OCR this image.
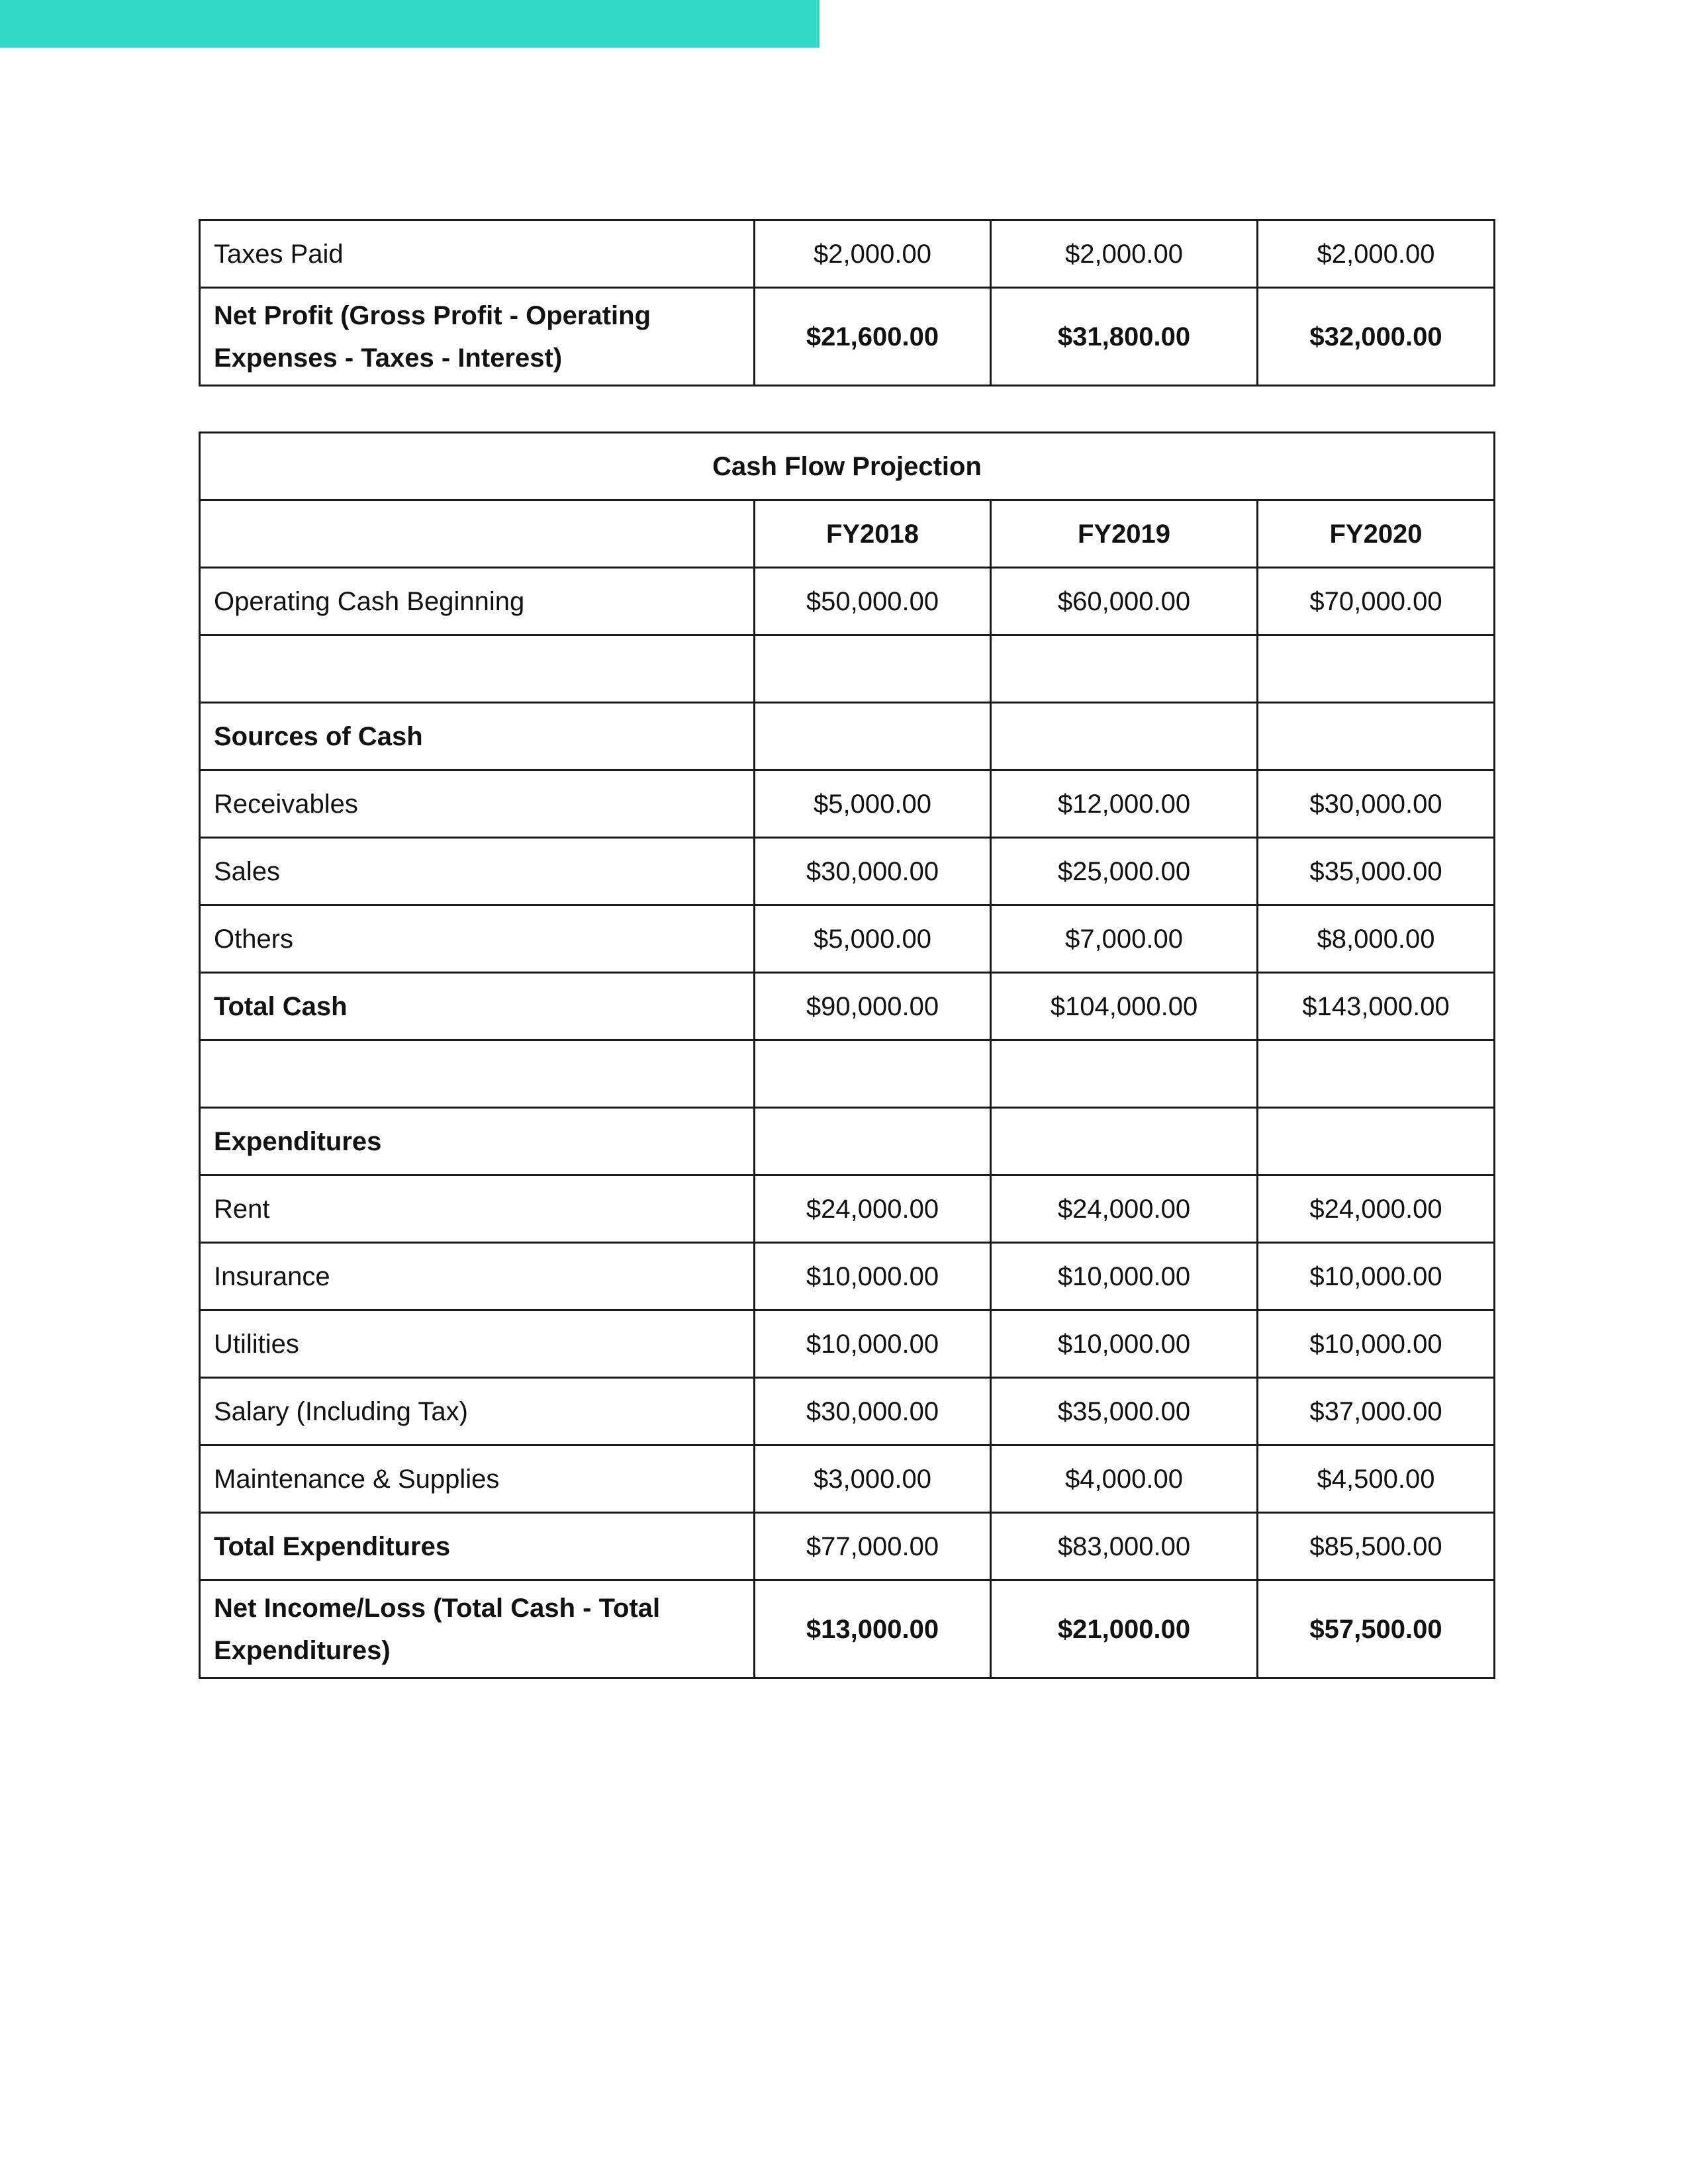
Taxes Paid	$2,000.00	$2,000.00	$2,000.00
Net Profit (Gross Profit - Operating Expenses - Taxes - Interest)	$21,600.00	$31,800.00	$32,000.00
Cash Flow Projection			
	FY2018	FY2019	FY2020
Operating Cash Beginning	$50,000.00	$60,000.00	$70,000.00

Sources of Cash			
Receivables	$5,000.00	$12,000.00	$30,000.00
Sales	$30,000.00	$25,000.00	$35,000.00
Others	$5,000.00	$7,000.00	$8,000.00
Total Cash	$90,000.00	$104,000.00	$143,000.00

Expenditures			
Rent	$24,000.00	$24,000.00	$24,000.00
Insurance	$10,000.00	$10,000.00	$10,000.00
Utilities	$10,000.00	$10,000.00	$10,000.00
Salary (Including Tax)	$30,000.00	$35,000.00	$37,000.00
Maintenance & Supplies	$3,000.00	$4,000.00	$4,500.00
Total Expenditures	$77,000.00	$83,000.00	$85,500.00
Net Income/Loss (Total Cash - Total Expenditures)	$13,000.00	$21,000.00	$57,500.00
